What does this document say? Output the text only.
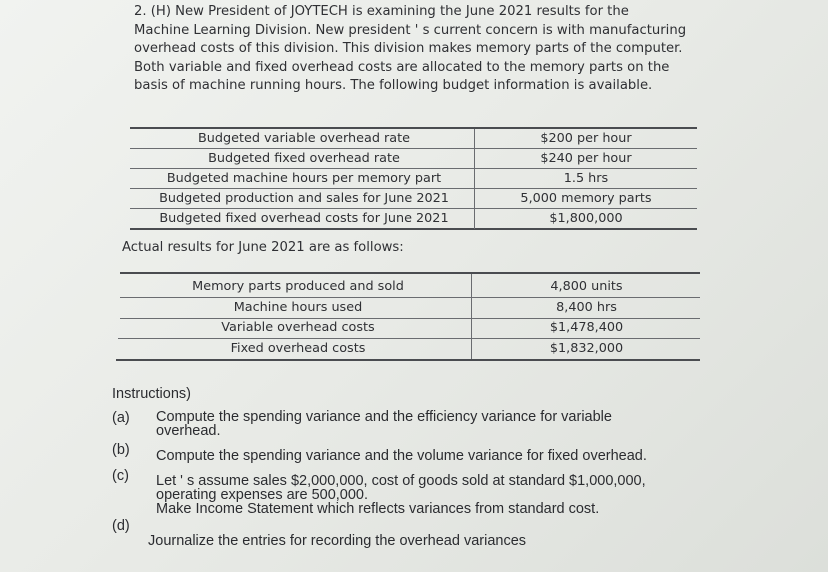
2. (H) New President of JOYTECH is examining the June 2021 results for the
Machine Learning Division. New president ' s current concern is with manufacturing
overhead costs of this division. This division makes memory parts of the computer.
Both variable and fixed overhead costs are allocated to the memory parts on the
basis of machine running hours. The following budget information is available.
Budgeted variable overhead rate	$200 per hour
Budgeted fixed overhead rate	$240 per hour
Budgeted machine hours per memory part	1.5 hrs
Budgeted production and sales for June 2021	5,000 memory parts
Budgeted fixed overhead costs for June 2021	$1,800,000
Actual results for June 2021 are as follows:
Memory parts produced and sold	4,800 units
Machine hours used	8,400 hrs
Variable overhead costs	$1,478,400
Fixed overhead costs	$1,832,000
Instructions)
(a) Compute the spending variance and the efficiency variance for variable
overhead.
(b) Compute the spending variance and the volume variance for fixed overhead.
(c) Let ' s assume sales $2,000,000, cost of goods sold at standard $1,000,000,
operating expenses are 500,000.
Make Income Statement which reflects variances from standard cost.
(d)
Journalize the entries for recording the overhead variances
